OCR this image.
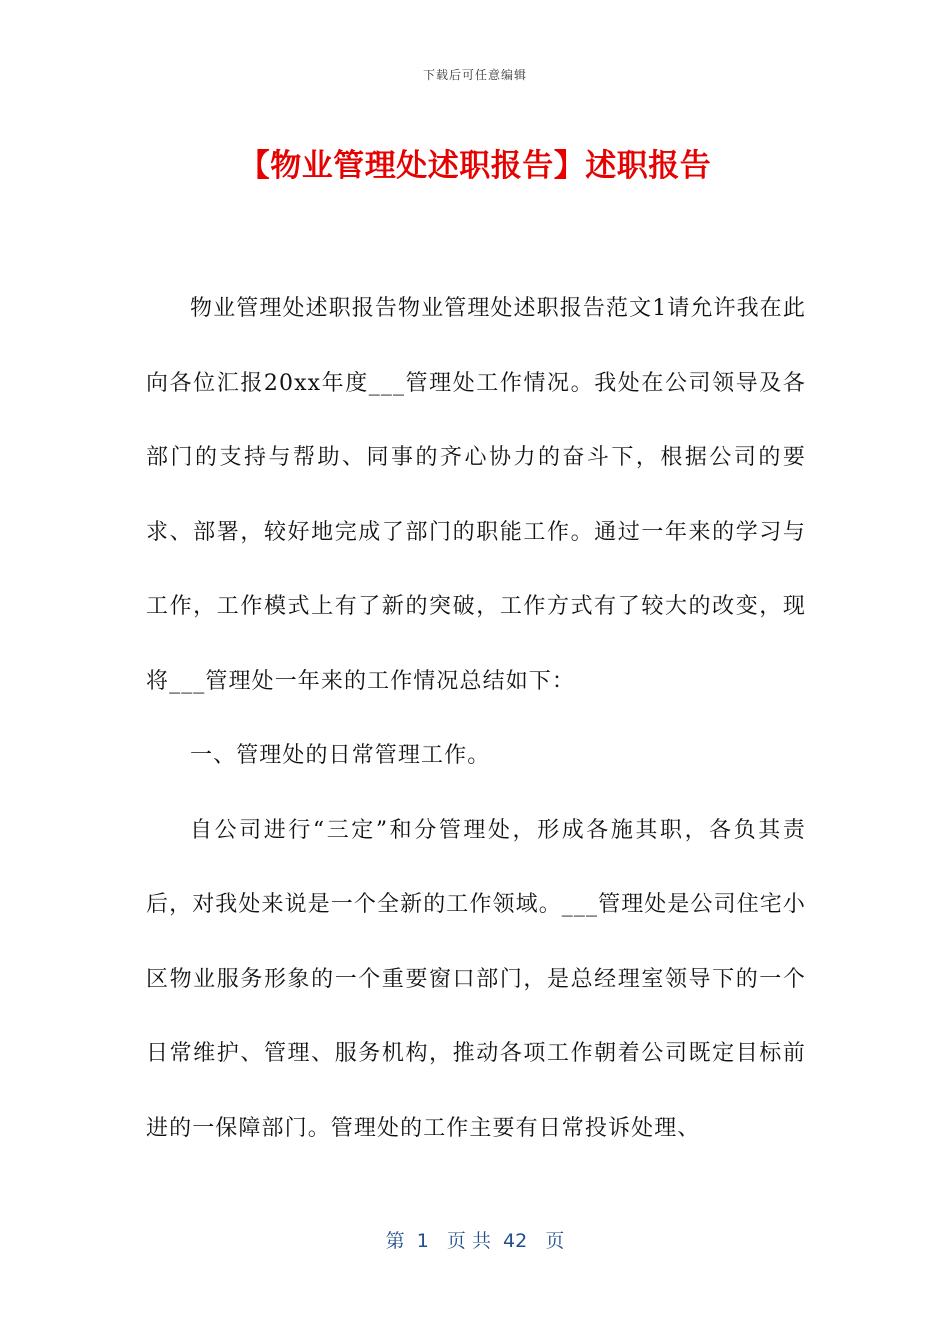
下载后可任意编辑
【物业管理处述职报告】述职报告

物业管理处述职报告物业管理处述职报告范文1请允许我在此向各位汇报20xx年度___管理处工作情况。我处在公司领导及各部门的支持与帮助、同事的齐心协力的奋斗下，根据公司的要求、部署，较好地完成了部门的职能工作。通过一年来的学习与工作，工作模式上有了新的突破，工作方式有了较大的改变，现将___管理处一年来的工作情况总结如下：

一、管理处的日常管理工作。

自公司进行“三定”和分管理处，形成各施其职，各负其责后，对我处来说是一个全新的工作领域。___管理处是公司住宅小区物业服务形象的一个重要窗口部门，是总经理室领导下的一个日常维护、管理、服务机构，推动各项工作朝着公司既定目标前进的一保障部门。管理处的工作主要有日常投诉处理、

第  1   页 共  42   页
